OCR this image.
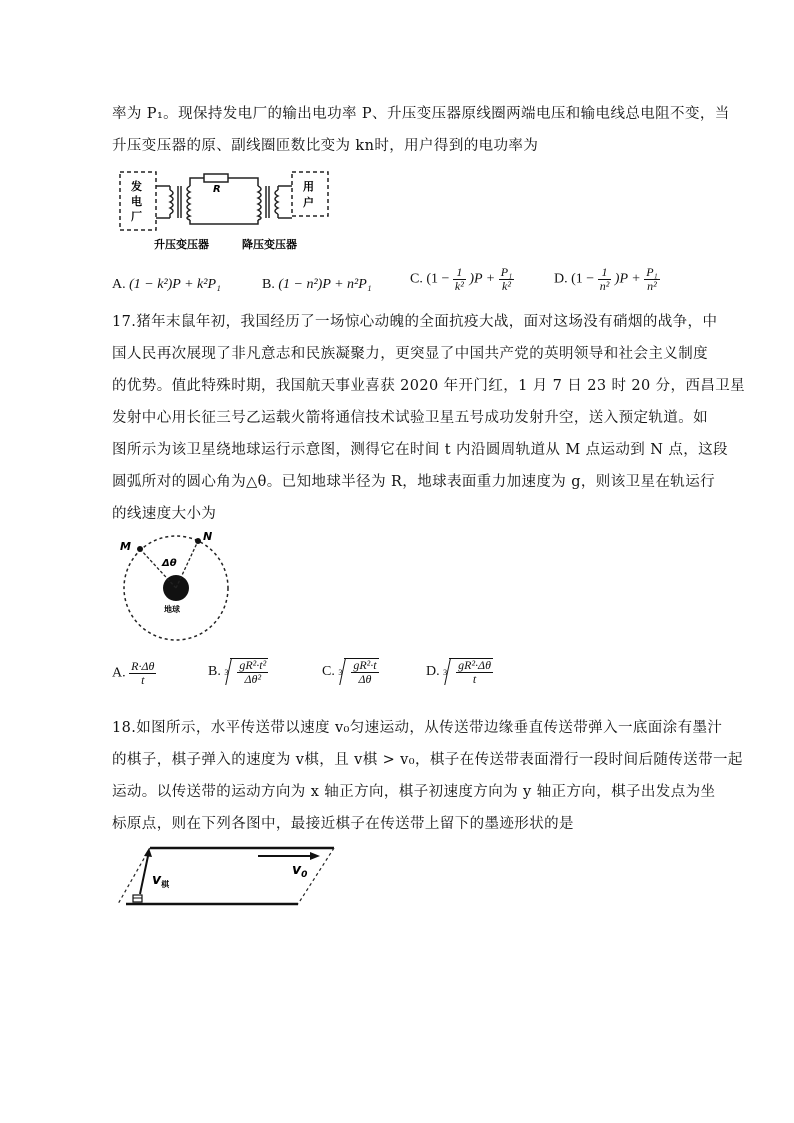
率为 P₁。现保持发电厂的输出电功率 P、升压变压器原线圈两端电压和输电线总电阻不变，当
升压变压器的原、副线圈匝数比变为 kn时，用户得到的电功率为
发
电
厂
R	用
户
升压变压器	降压变压器
A. (1 − k²)P + k²P₁	B. (1 − n²)P + n²P₁	C. $(1 - \frac{1}{\text{k²}} )P + \frac{\text{P₁}}{\text{k²}}$	D. $(1 - \frac{1}{\text{n²}} )P + \frac{\text{P₁}}{\text{n²}}$
17.猪年末鼠年初，我国经历了一场惊心动魄的全面抗疫大战，面对这场没有硝烟的战争，中
国人民再次展现了非凡意志和民族凝聚力，更突显了中国共产党的英明领导和社会主义制度
的优势。值此特殊时期，我国航天事业喜获 2020 年开门红，1 月 7 日 23 时 20 分，西昌卫星
发射中心用长征三号乙运载火箭将通信技术试验卫星五号成功发射升空，送入预定轨道。如
图所示为该卫星绕地球运行示意图，测得它在时间 t 内沿圆周轨道从 M 点运动到 N 点，这段
圆弧所对的圆心角为△θ。已知地球半径为 R，地球表面重力加速度为 g，则该卫星在轨运行
的线速度大小为
M
N
Δθ
地球
A. $\frac{R\cdot\Delta\theta}{t}$	B. $3 \frac{\text{gR²·t²}}{\text{Δθ²}}$	C. $3 \frac{\text{gR²·t}}{\Delta\theta}$	D. $3 \frac{\text{gR²·Δθ}}{t}$
18.如图所示，水平传送带以速度 v₀匀速运动，从传送带边缘垂直传送带弹入一底面涂有墨汁
的棋子，棋子弹入的速度为 v棋，且 v棋 > v₀，棋子在传送带表面滑行一段时间后随传送带一起
运动。以传送带的运动方向为 x 轴正方向，棋子初速度方向为 y 轴正方向，棋子出发点为坐
标原点，则在下列各图中，最接近棋子在传送带上留下的墨迹形状的是
$v_0$
$v_棋$
